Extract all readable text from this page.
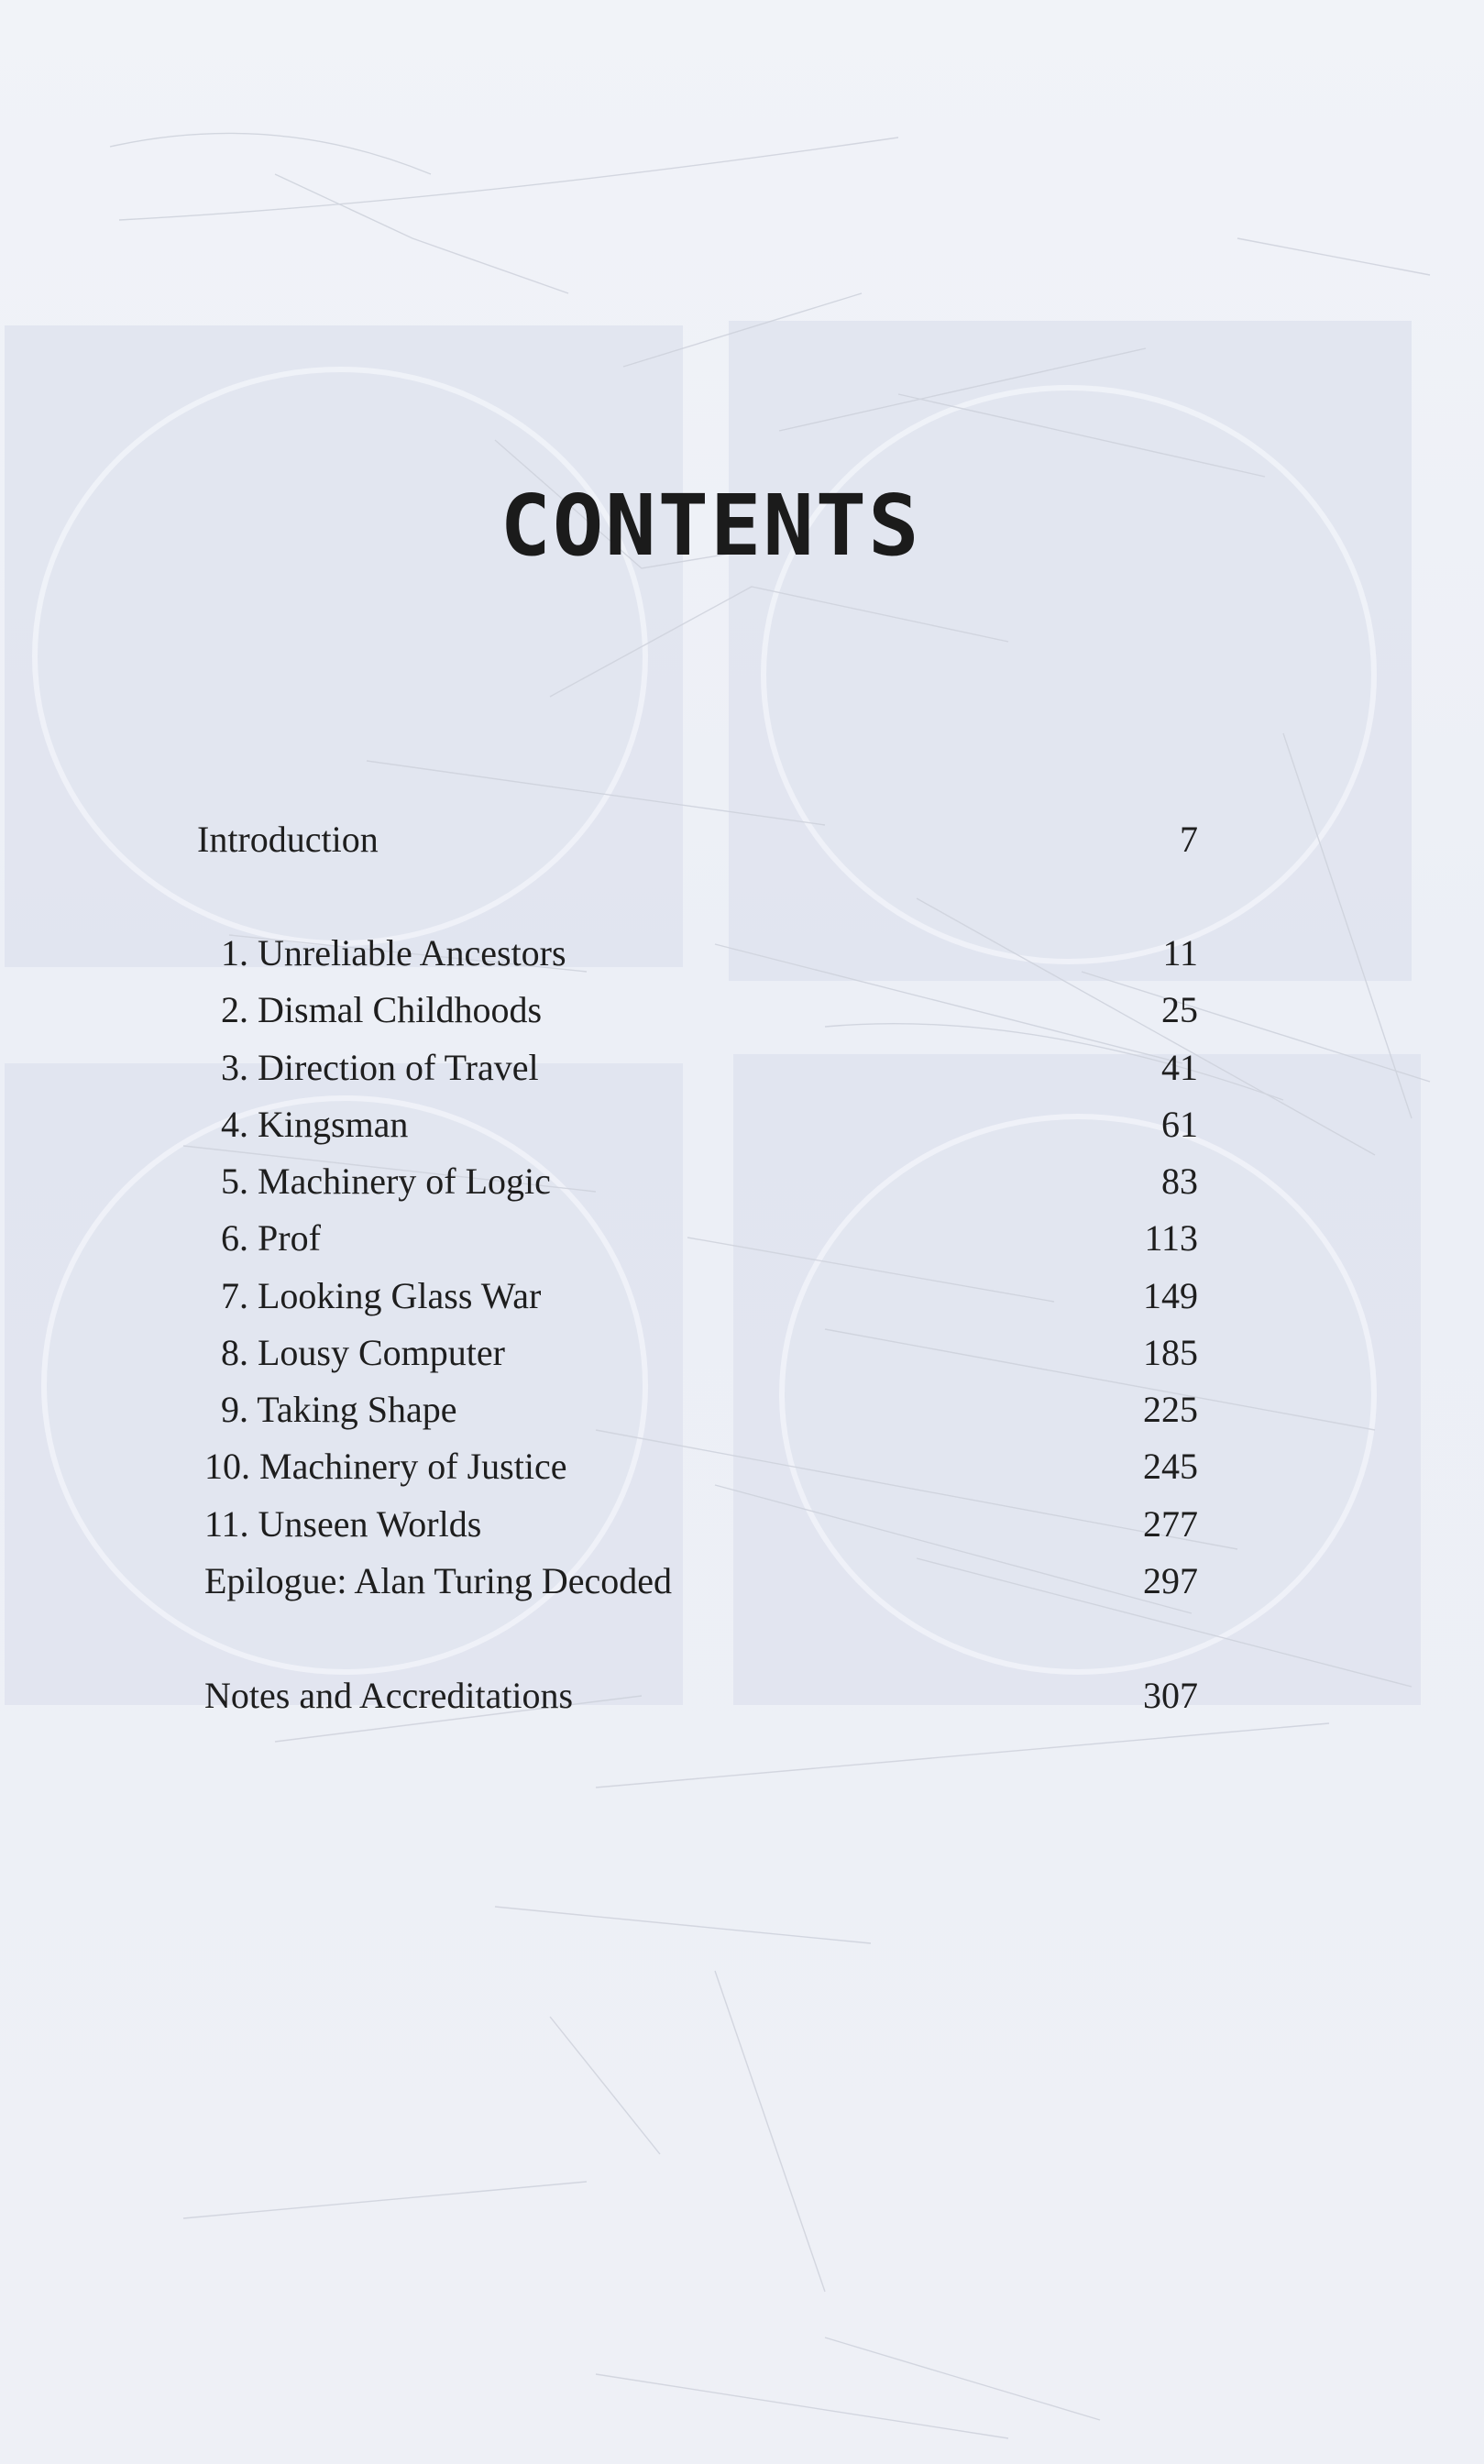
CONTENTS
Introduction	7
1. Unreliable Ancestors	11
2. Dismal Childhoods	25
3. Direction of Travel	41
4. Kingsman	61
5. Machinery of Logic	83
6. Prof	113
7. Looking Glass War	149
8. Lousy Computer	185
9. Taking Shape	225
10. Machinery of Justice	245
11. Unseen Worlds	277
Epilogue: Alan Turing Decoded	297
Notes and Accreditations	307
